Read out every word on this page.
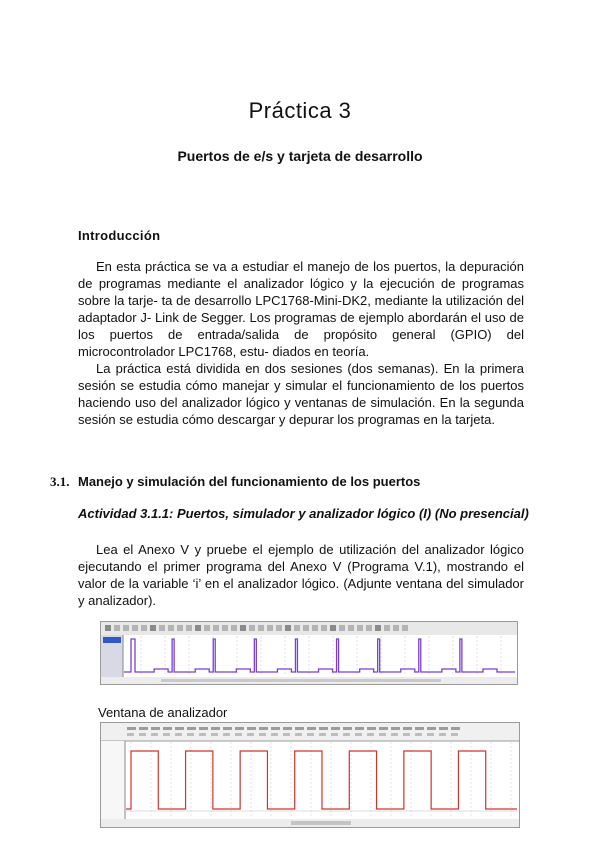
Práctica 3
Puertos de e/s y tarjeta de desarrollo
Introducción

En esta práctica se va a estudiar el manejo de los puertos, la depuración de programas mediante el analizador lógico y la ejecución de programas sobre la tarje- ta de desarrollo LPC1768-Mini-DK2, mediante la utilización del adaptador J- Link de Segger. Los programas de ejemplo abordarán el uso de los puertos de entrada/salida de propósito general (GPIO) del microcontrolador LPC1768, estu- diados en teoría.

La práctica está dividida en dos sesiones (dos semanas). En la primera sesión se estudia cómo manejar y simular el funcionamiento de los puertos haciendo uso del analizador lógico y ventanas de simulación. En la segunda sesión se estudia cómo descargar y depurar los programas en la tarjeta.

3.1. Manejo y simulación del funcionamiento de los puertos
Actividad 3.1.1: Puertos, simulador y analizador lógico (I) (No presencial)

Lea el Anexo V y pruebe el ejemplo de utilización del analizador lógico ejecutando el primer programa del Anexo V (Programa V.1), mostrando el valor de la variable ‘i’ en el analizador lógico. (Adjunte ventana del simulador y analizador).

Ventana de analizador
